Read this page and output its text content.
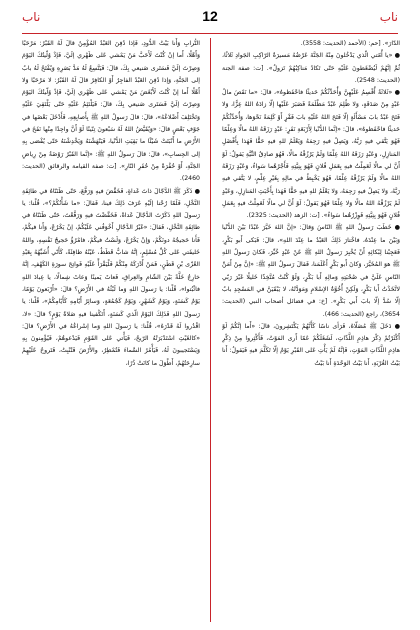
ناب
12
ناب

الدّارَ». [حم: (الأحمد (الحديث: 3558).

● «يا أُمّتي الّذي يَدْخُلونَ مِنْهُ الجَنَّةَ عَرْضُهُ مَسيرَةُ الرّاكِبِ الجَوادِ ثَلاثًا، ثُمَّ إنَّهُمْ لَيُضْغَطونَ عَلَيْهِ حَتّى تَكادُ مَناكِبُهُمْ تَزولُ». [ت: صفة الجنة (الحديث: 2548).

● «ثَلاثَةٌ أُقْسِمُ عَلَيْهِنَّ وَأُحَدِّثُكُمْ حَديثًا فاحْفَظوهُ»، قالَ: «ما نَقَصَ مالُ عَبْدٍ مِنْ صَدَقَةٍ، وَلا ظُلِمَ عَبْدٌ مَظْلَمَةً فَصَبَرَ عَلَيْها إلّا زادَهُ اللهُ عِزًّا، وَلا فَتَحَ عَبْدٌ بابَ مَسْأَلَةٍ إلّا فَتَحَ اللهُ عَلَيْهِ بابَ فَقْرٍ أَوْ كَلِمَةً نَحْوَها، وَأُحَدِّثُكُمْ حَديثًا فاحْفَظوهُ»، قالَ: «إنَّما الدُّنْيا لِأَرْبَعَةِ نَفَرٍ: عَبْدٍ رَزَقَهُ اللهُ مالًا وَعِلْمًا فَهُوَ يَتَّقي فيهِ رَبَّهُ، وَيَصِلُ فيهِ رَحِمَهُ وَيَعْلَمُ للهِ فيهِ حَقًّا فَهَذا بِأَفْضَلِ المَنازِلِ، وَعَبْدٍ رَزَقَهُ اللهُ عِلْمًا وَلَمْ يَرْزُقْهُ مالًا، فَهُوَ صادِقُ النِّيَّةِ يَقولُ: لَوْ أَنَّ لي مالًا لَعَمِلْتُ فيهِ بِعَمَلِ فُلانٍ فَهُوَ بِنِيَّتِهِ فَأَجْرُهُما سَواءٌ، وَعَبْدٍ رَزَقَهُ اللهُ مالًا وَلَمْ يَرْزُقْهُ عِلْمًا، فَهُوَ يَخْبِطُ في مالِهِ بِغَيْرِ عِلْمٍ، لا يَتَّقي فيهِ رَبَّهُ، وَلا يَصِلُ فيهِ رَحِمَهُ، وَلا يَعْلَمُ للهِ فيهِ حَقًّا فَهَذا بِأَخْبَثِ المَنازِلِ، وَعَبْدٍ لَمْ يَرْزُقْهُ اللهُ مالًا وَلا عِلْمًا فَهُوَ يَقولُ: لَوْ أَنَّ لي مالًا لَعَمِلْتُ فيهِ بِعَمَلِ فُلانٍ فَهُوَ بِنِيَّتِهِ فَوِزْرُهُما سَواءٌ». [ت: الزهد (الحديث: 2325).

● خَطَبَ رَسولُ اللهِ ﷺ النّاسَ وَقالَ: «إنَّ اللهَ خَيَّرَ عَبْدًا بَيْنَ الدُّنْيا وَبَيْنَ ما عِنْدَهُ، فاخْتارَ ذَلِكَ العَبْدُ ما عِنْدَ اللهِ»، قالَ: فَبَكى أَبو بَكْرٍ، فَعَجِبْنا لِبُكائِهِ أَنْ يُخْبِرَ رَسولُ اللهِ ﷺ عَنْ عَبْدٍ خُيِّرَ، فَكانَ رَسولُ اللهِ ﷺ هوَ المُخَيَّرَ، وَكانَ أَبو بَكْرٍ أَعْلَمَنا، فَقالَ رَسولُ اللهِ ﷺ: «إنَّ مِنْ أَمَنِّ النّاسِ عَلَيَّ في صُحْبَتِهِ وَمالِهِ أَبا بَكْرٍ، وَلَوْ كُنْتُ مُتَّخِذًا خَليلًا غَيْرَ رَبّي لاتَّخَذْتُ أَبا بَكْرٍ، وَلَكِنْ أُخُوَّةُ الإسْلامِ وَمَوَدَّتُهُ، لا يَبْقَيَنَّ في المَسْجِدِ بابٌ إلّا سُدَّ إلّا بابَ أَبي بَكْرٍ». [خ: في فضائل أصحاب النبي (الحديث: 3654)، راجع (الحديث: 466).

● دَخَلَ ﷺ مُصَلّاهُ، فَرَأى ناسًا كَأَنَّهُمْ يَكْتَشِرونَ، قالَ: «أَما إنَّكُمْ لَوْ أَكْثَرْتُمْ ذِكْرَ هاذِمِ اللَّذّاتِ، لَشَغَلَكُمْ عَمّا أَرى المَوْتُ، فَأَكْثِروا مِنْ ذِكْرِ هاذِمِ اللَّذّاتِ المَوْتِ، فَإنَّهُ لَمْ يَأْتِ عَلى القَبْرِ يَوْمٌ إلّا تَكَلَّمَ فيهِ فَيَقولُ: أَنا بَيْتُ الغُرْبَةِ، أَنا بَيْتُ الوَحْدَةِ أَنا بَيْتُ

التُّرابِ وَأَنا بَيْتُ الدُّودِ، فَإذا دُفِنَ العَبْدُ المُؤْمِنُ قالَ لَهُ القَبْرُ: مَرْحَبًا وَأَهْلًا، أَما إنْ كُنْتَ لَأَحَبَّ مَنْ يَمْشي عَلى ظَهْري إلَيَّ، فَإذْ وُلّيتُكَ اليَوْمَ وَصِرْتَ إلَيَّ فَسَتَرى صَنيعي بِكَ، قالَ: فَيَتَّسِعُ لَهُ مَدَّ بَصَرِهِ وَيُفْتَحُ لَهُ بابٌ إلى الجَنَّةِ، وَإذا دُفِنَ العَبْدُ الفاجِرُ أَوْ الكافِرُ قالَ لَهُ القَبْرُ: لا مَرْحَبًا وَلا أَهْلًا أَما إنْ كُنْتَ لَأَبْغَضَ مَنْ يَمْشي عَلى ظَهْري إلَيَّ، فَإذْ وُلّيتُكَ اليَوْمَ وَصِرْتَ إلَيَّ فَسَتَرى صَنيعي بِكَ، قالَ: فَيَلْتَئِمُ عَلَيْهِ حَتّى يَلْتَقِيَ عَلَيْهِ وَتَخْتَلِفَ أَضْلاعُهُ»، قالَ: قالَ رَسولُ اللهِ ﷺ بِأَصابِعِهِ، فَأَدْخَلَ بَعْضَها في جَوْفِ بَعْضٍ قالَ: «وَيُقَيَّضُ اللهُ لَهُ سَبْعونَ تِنّينًا لَوْ أَنَّ واحِدًا مِنْها نَفَخَ في الأَرْضِ ما أَنْبَتَتْ شَيْئًا ما بَقِيَتِ الدُّنْيا، فَيَنْهَشْنَهُ وَيَخْدِشْنَهُ حَتّى يُفْضى بِهِ إلى الحِسابِ»، قالَ: قالَ رَسولُ اللهِ ﷺ: «إنَّما القَبْرُ رَوْضَةٌ مِنْ رِياضِ الجَنَّةِ، أَوْ حُفْرَةٌ مِنْ حُفَرِ النّارِ». [ت: صفة القيامة والرقائق (الحديث: 2460).

● ذَكَرَ ﷺ الدَّجّالَ ذاتَ غَداةٍ، فَخَفَّضَ فيهِ وَرَفَّعَ، حَتّى ظَنَنّاهُ في طائِفَةِ النَّخْلِ، فَلَمّا رُحْنا إلَيْهِ عَرَفَ ذَلِكَ فينا، فَقالَ: «ما شَأْنُكُمْ؟»، قُلْنا: يا رَسولَ اللهِ ذَكَرْتَ الدَّجّالَ غَداةً، فَخَفَّضْتَ فيهِ وَرَفَّعْتَ، حَتّى ظَنَنّاهُ في طائِفَةِ النَّخْلِ، فَقالَ: «غَيْرُ الدَّجّالِ أَخْوَفُني عَلَيْكُمْ، إنْ يَخْرُجْ، وَأَنا فيكُمْ، فَأَنا حَجيجُهُ دونَكُمْ، وَإنْ يَخْرُجْ، وَلَسْتُ فيكُمْ، فامْرُؤٌ حَجيجُ نَفْسِهِ، واللهُ خَليفَتي عَلى كُلِّ مُسْلِمٍ، إنَّهُ شابٌّ قَطَطٌ، عَيْنُهُ طافِئَةٌ، كَأَنّي أُشَبِّهُهُ بِعَبْدِ العُزّى بْنِ قَطَنٍ، فَمَنْ أَدْرَكَهُ مِنْكُمْ فَلْيَقْرَأْ عَلَيْهِ فَواتِحَ سورَةِ الكَهْفِ، إنَّهُ خارِجٌ خَلَّةً بَيْنَ الشّامِ والعِراقِ، فَعاثَ يَمينًا وَعاثَ شِمالًا، يا عِبادَ اللهِ فاثْبُتوا»، قُلْنا: يا رَسولَ اللهِ وَما لَبْثُهُ في الأَرْضِ؟ قالَ: «أَرْبَعونَ يَوْمًا، يَوْمٌ كَسَنَةٍ، وَيَوْمٌ كَشَهْرٍ، وَيَوْمٌ كَجُمُعَةٍ، وَسائِرُ أَيّامِهِ كَأَيّامِكُمْ»، قُلْنا: يا رَسولَ اللهِ فَذَلِكَ اليَوْمُ الّذي كَسَنَةٍ، أَتَكْفينا فيهِ صَلاةُ يَوْمٍ؟ قالَ: «لا، اقْدُروا لَهُ قَدْرَهُ»، قُلْنا: يا رَسولَ اللهِ وَما إسْراعُهُ في الأَرْضِ؟ قالَ: «كالغَيْثِ اسْتَدْبَرَتْهُ الرّيحُ، فَيَأْتي عَلى القَوْمِ فَيَدْعوهُمْ، فَيُؤْمِنونَ بِهِ وَيَسْتَجيبونَ لَهُ، فَيَأْمُرُ السَّماءَ فَتُمْطِرُ، والأَرْضَ فَتُنْبِتُ، فَتَروحُ عَلَيْهِمْ سارِحَتُهُمْ، أَطْوَلَ ما كانَتْ ذُرًا،
